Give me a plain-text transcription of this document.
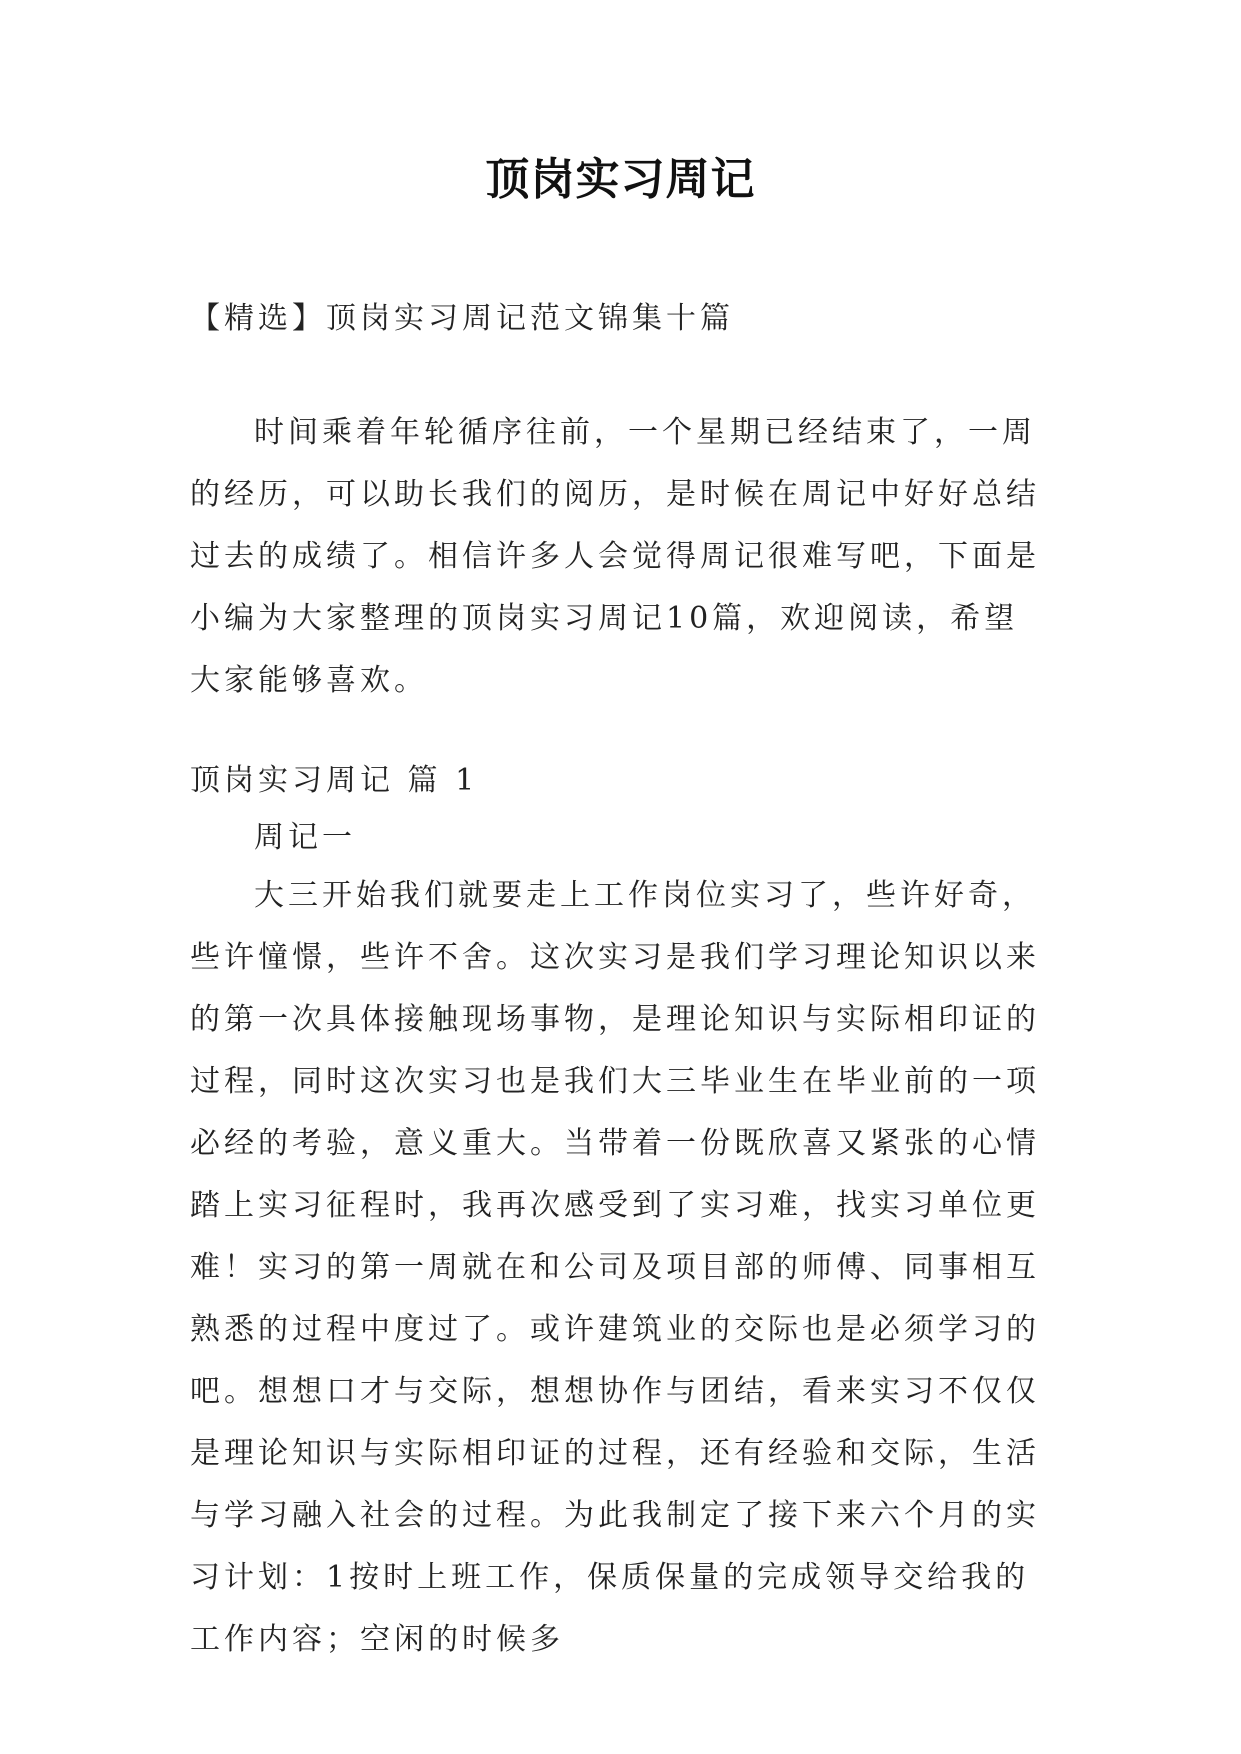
顶岗实习周记
【精选】顶岗实习周记范文锦集十篇

时间乘着年轮循序往前，一个星期已经结束了，一周的经历，可以助长我们的阅历，是时候在周记中好好总结过去的成绩了。相信许多人会觉得周记很难写吧，下面是小编为大家整理的顶岗实习周记10篇，欢迎阅读，希望大家能够喜欢。

顶岗实习周记 篇 1
周记一

大三开始我们就要走上工作岗位实习了，些许好奇，些许憧憬，些许不舍。这次实习是我们学习理论知识以来的第一次具体接触现场事物，是理论知识与实际相印证的过程，同时这次实习也是我们大三毕业生在毕业前的一项必经的考验，意义重大。当带着一份既欣喜又紧张的心情踏上实习征程时，我再次感受到了实习难，找实习单位更难！实习的第一周就在和公司及项目部的师傅、同事相互熟悉的过程中度过了。或许建筑业的交际也是必须学习的吧。想想口才与交际，想想协作与团结，看来实习不仅仅是理论知识与实际相印证的过程，还有经验和交际，生活与学习融入社会的过程。为此我制定了接下来六个月的实习计划：1按时上班工作，保质保量的完成领导交给我的工作内容；空闲的时候多
